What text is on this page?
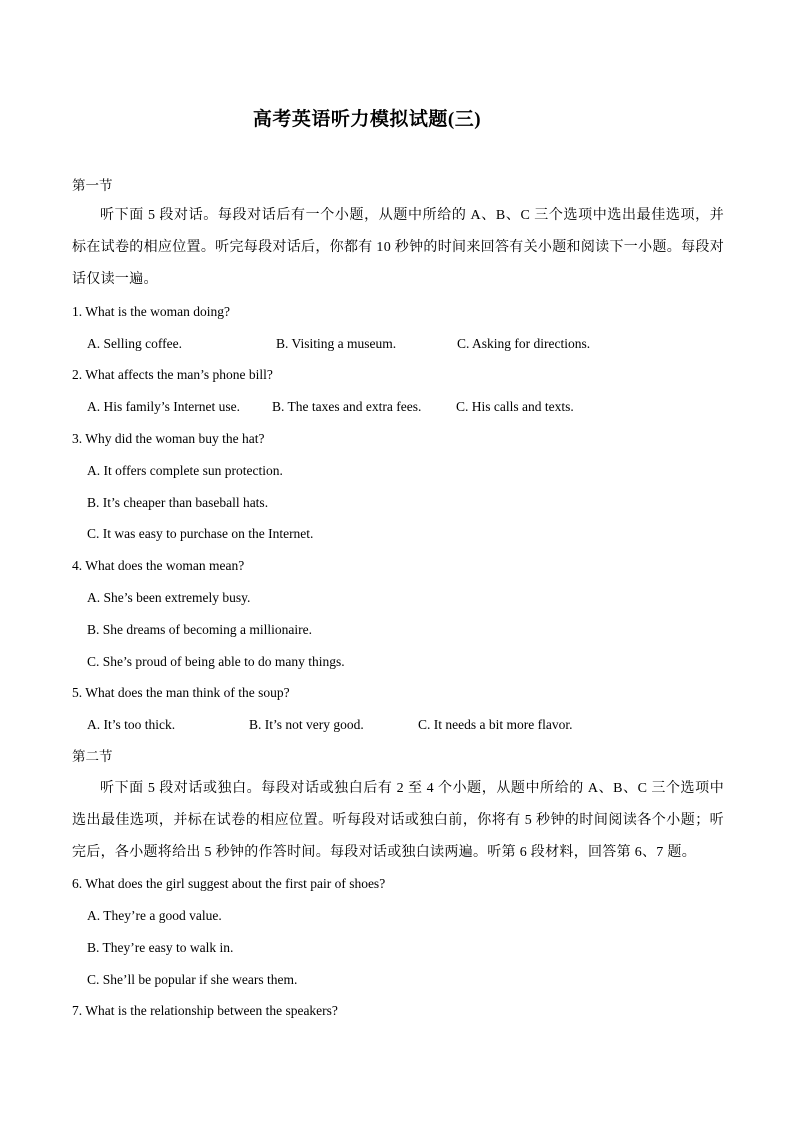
高考英语听力模拟试题(三)
第一节
听下面 5 段对话。每段对话后有一个小题，从题中所给的 A、B、C 三个选项中选出最佳选项，并标在试卷的相应位置。听完每段对话后，你都有 10 秒钟的时间来回答有关小题和阅读下一小题。每段对话仅读一遍。
1. What is the woman doing?
A. Selling coffee.	B. Visiting a museum.	C. Asking for directions.
2. What affects the man’s phone bill?
A. His family’s Internet use. B. The taxes and extra fees.	C. His calls and texts.
3. Why did the woman buy the hat?
A. It offers complete sun protection.
B. It’s cheaper than baseball hats.
C. It was easy to purchase on the Internet.
4. What does the woman mean?
A. She’s been extremely busy.
B. She dreams of becoming a millionaire.
C. She’s proud of being able to do many things.
5. What does the man think of the soup?
A. It’s too thick.	B. It’s not very good.	C. It needs a bit more flavor.
第二节
听下面 5 段对话或独白。每段对话或独白后有 2 至 4 个小题，从题中所给的 A、B、C 三个选项中选出最佳选项，并标在试卷的相应位置。听每段对话或独白前，你将有 5 秒钟的时间阅读各个小题；听完后，各小题将给出 5 秒钟的作答时间。每段对话或独白读两遍。听第 6 段材料，回答第 6、7 题。
6. What does the girl suggest about the first pair of shoes?
A. They’re a good value.
B. They’re easy to walk in.
C. She’ll be popular if she wears them.
7. What is the relationship between the speakers?
